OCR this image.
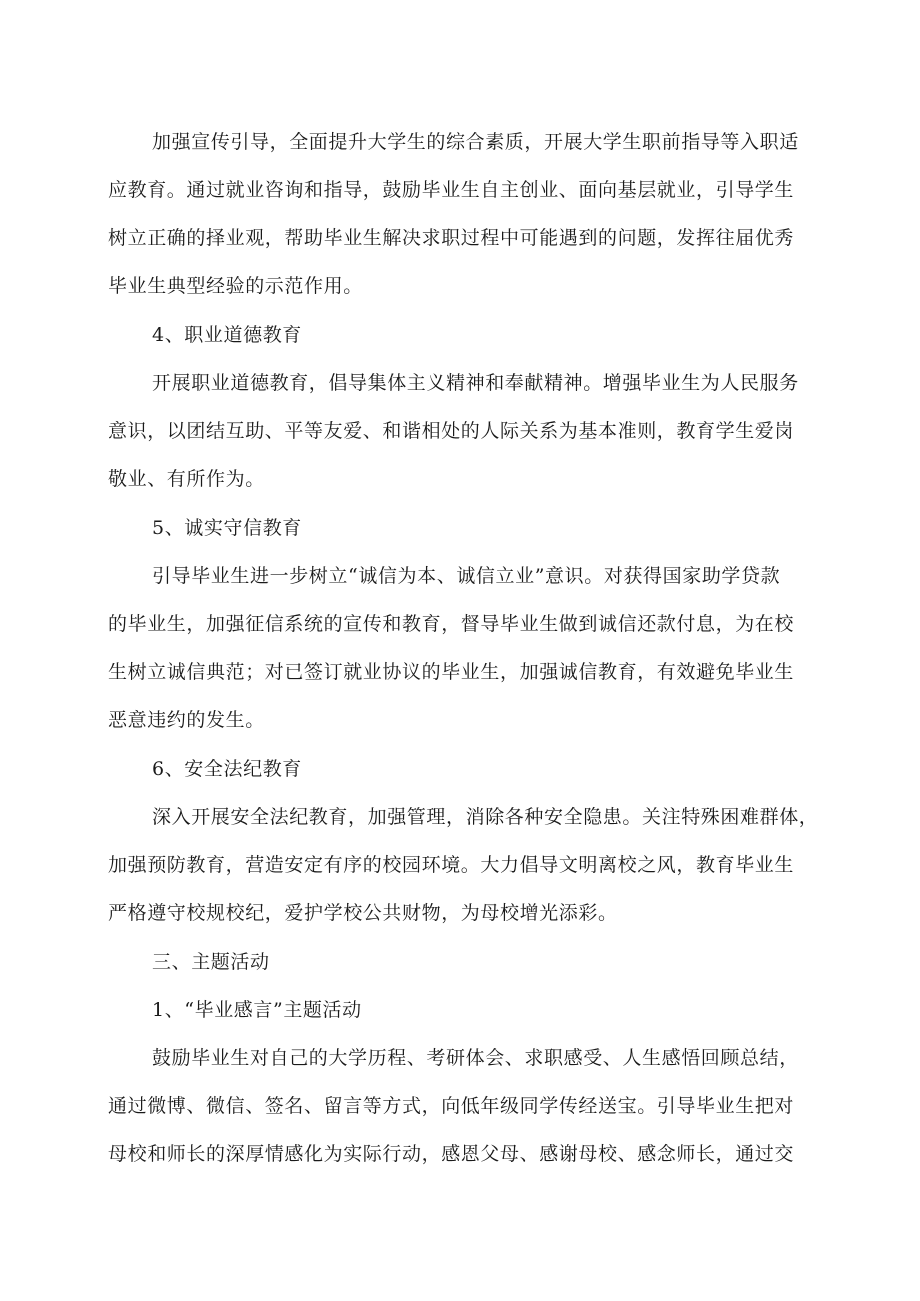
加强宣传引导，全面提升大学生的综合素质，开展大学生职前指导等入职适

应教育。通过就业咨询和指导，鼓励毕业生自主创业、面向基层就业，引导学生

树立正确的择业观，帮助毕业生解决求职过程中可能遇到的问题，发挥往届优秀

毕业生典型经验的示范作用。

4、职业道德教育

开展职业道德教育，倡导集体主义精神和奉献精神。增强毕业生为人民服务

意识，以团结互助、平等友爱、和谐相处的人际关系为基本准则，教育学生爱岗

敬业、有所作为。

5、诚实守信教育

引导毕业生进一步树立“诚信为本、诚信立业”意识。对获得国家助学贷款

的毕业生，加强征信系统的宣传和教育，督导毕业生做到诚信还款付息，为在校

生树立诚信典范；对已签订就业协议的毕业生，加强诚信教育，有效避免毕业生

恶意违约的发生。

6、安全法纪教育

深入开展安全法纪教育，加强管理，消除各种安全隐患。关注特殊困难群体，

加强预防教育，营造安定有序的校园环境。大力倡导文明离校之风，教育毕业生

严格遵守校规校纪，爱护学校公共财物，为母校增光添彩。

三、主题活动

1、“毕业感言”主题活动

鼓励毕业生对自己的大学历程、考研体会、求职感受、人生感悟回顾总结，

通过微博、微信、签名、留言等方式，向低年级同学传经送宝。引导毕业生把对

母校和师长的深厚情感化为实际行动，感恩父母、感谢母校、感念师长，通过交
